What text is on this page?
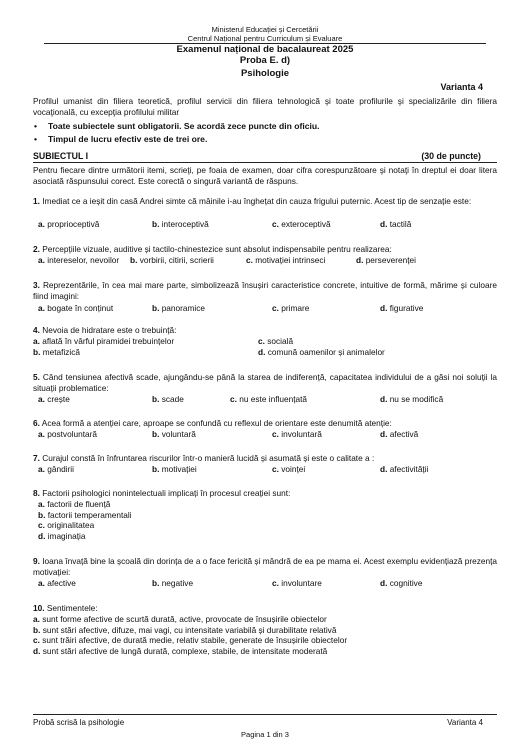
Ministerul Educației și Cercetării
Centrul Național pentru Curriculum și Evaluare
Examenul național de bacalaureat 2025
Proba E. d)
Psihologie
Varianta 4
Profilul umanist din filiera teoretică, profilul servicii din filiera tehnologică şi toate profilurile şi specializările din filiera vocaţională, cu excepţia profilului militar
• Toate subiectele sunt obligatorii. Se acordă zece puncte din oficiu.
• Timpul de lucru efectiv este de trei ore.
SUBIECTUL I	(30 de puncte)
Pentru fiecare dintre următorii itemi, scrieţi, pe foaia de examen, doar cifra corespunzătoare şi notaţi în dreptul ei doar litera asociată răspunsului corect. Este corectă o singură variantă de răspuns.
1. Imediat ce a ieșit din casă Andrei simte că mâinile i-au înghețat din cauza frigului puternic. Acest tip de senzație este:
a. proprioceptivă	b. interoceptivă	c. exteroceptivă	d. tactilă
2. Percepțiile vizuale, auditive și tactilo-chinestezice sunt absolut indispensabile pentru realizarea:
a. intereselor, nevoilor b. vorbirii, citirii, scrierii	c. motivației intrinseci	d. perseverenței
3. Reprezentările, în cea mai mare parte, simbolizează însușiri caracteristice concrete, intuitive de formă, mărime și culoare fiind imagini:
a. bogate în conținut	b. panoramice	c. primare	d. figurative
4. Nevoia de hidratare este o trebuință:
a. aflată în vârful piramidei trebuințelor	c. socială
b. metafizică	d. comună oamenilor și animalelor
5. Când tensiunea afectivă scade, ajungându-se până la starea de indiferență, capacitatea individului de a găsi noi soluții la situații problematice:
a. crește	b. scade	c. nu este influențată	d. nu se modifică
6. Acea formă a atenției care, aproape se confundă cu reflexul de orientare este denumită atenție:
a. postvoluntară	b. voluntară	c. involuntară	d. afectivă
7. Curajul constă în înfruntarea riscurilor într-o manieră lucidă și asumată și este o calitate a :
a. gândirii	b. motivației	c. voinței	d. afectivității
8. Factorii psihologici nonintelectuali implicați în procesul creației sunt:
a. factorii de fluență
b. factorii temperamentali
c. originalitatea
d. imaginația
9. Ioana învață bine la școală din dorința de a o face fericită și mândră de ea pe mama ei. Acest exemplu evidențiază prezența motivației:
a. afective	b. negative	c. involuntare	d. cognitive
10. Sentimentele:
a. sunt forme afective de scurtă durată, active, provocate de însușirile obiectelor
b. sunt stări afective, difuze, mai vagi, cu intensitate variabilă și durabilitate relativă
c. sunt trăiri afective, de durată medie, relativ stabile, generate de însușirile obiectelor
d. sunt stări afective de lungă durată, complexe, stabile, de intensitate moderată
Probă scrisă la psihologie	Varianta 4
Pagina 1 din 3
